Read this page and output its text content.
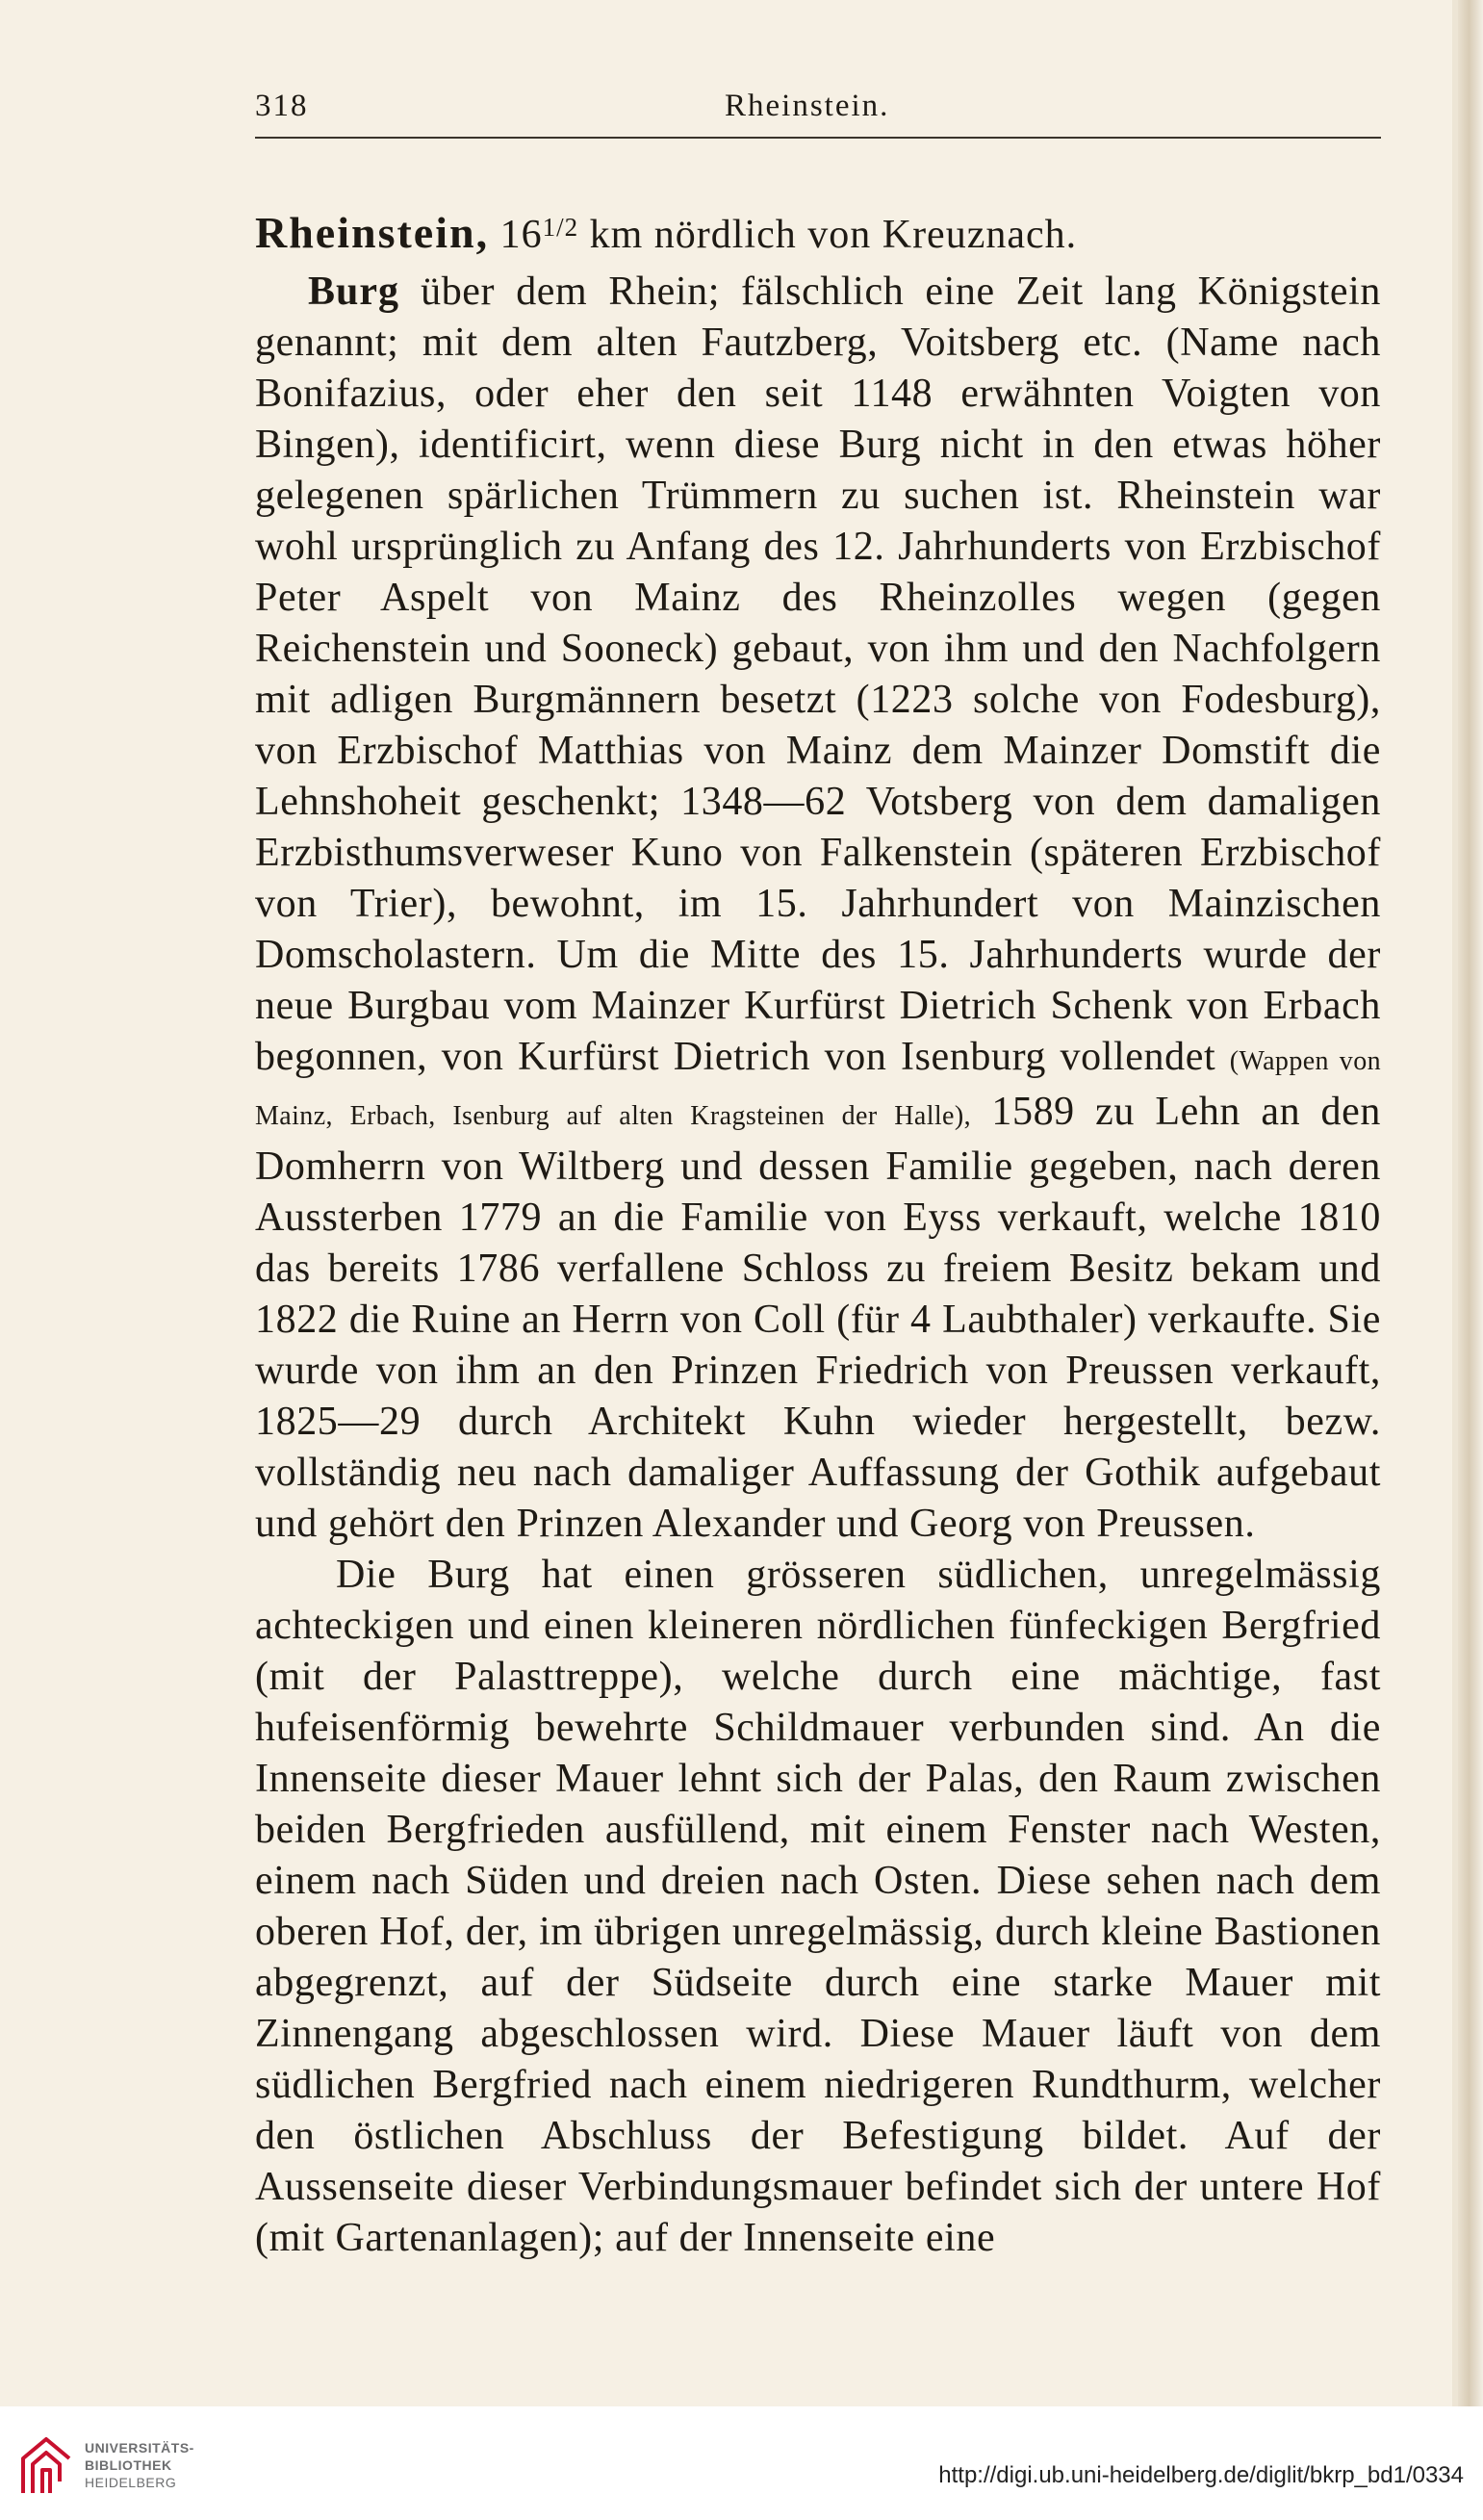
318	Rheinstein.
Rheinstein, $16^{1/2}$ km nördlich von Kreuznach.

Burg über dem Rhein; fälschlich eine Zeit lang Königstein genannt; mit dem alten Fautzberg, Voitsberg etc. (Name nach Bonifazius, oder eher den seit 1148 erwähnten Voigten von Bingen), identificirt, wenn diese Burg nicht in den etwas höher gelegenen spärlichen Trümmern zu suchen ist. Rheinstein war wohl ursprünglich zu Anfang des 12. Jahrhunderts von Erzbischof Peter Aspelt von Mainz des Rheinzolles wegen (gegen Reichenstein und Sooneck) gebaut, von ihm und den Nachfolgern mit adligen Burgmännern besetzt (1223 solche von Fodesburg), von Erzbischof Matthias von Mainz dem Mainzer Domstift die Lehnshoheit geschenkt; 1348—62 Votsberg von dem damaligen Erzbisthumsverweser Kuno von Falkenstein (späteren Erzbischof von Trier), bewohnt, im 15. Jahrhundert von Mainzischen Domscholastern. Um die Mitte des 15. Jahrhunderts wurde der neue Burgbau vom Mainzer Kurfürst Dietrich Schenk von Erbach begonnen, von Kurfürst Dietrich von Isenburg vollendet (Wappen von Mainz, Erbach, Isenburg auf alten Kragsteinen der Halle), 1589 zu Lehn an den Domherrn von Wiltberg und dessen Familie gegeben, nach deren Aussterben 1779 an die Familie von Eyss verkauft, welche 1810 das bereits 1786 verfallene Schloss zu freiem Besitz bekam und 1822 die Ruine an Herrn von Coll (für 4 Laubthaler) verkaufte. Sie wurde von ihm an den Prinzen Friedrich von Preussen verkauft, 1825—29 durch Architekt Kuhn wieder hergestellt, bezw. vollständig neu nach damaliger Auffassung der Gothik aufgebaut und gehört den Prinzen Alexander und Georg von Preussen.

Die Burg hat einen grösseren südlichen, unregelmässig achteckigen und einen kleineren nördlichen fünfeckigen Bergfried (mit der Palasttreppe), welche durch eine mächtige, fast hufeisenförmig bewehrte Schildmauer verbunden sind. An die Innenseite dieser Mauer lehnt sich der Palas, den Raum zwischen beiden Bergfrieden ausfüllend, mit einem Fenster nach Westen, einem nach Süden und dreien nach Osten. Diese sehen nach dem oberen Hof, der, im übrigen unregelmässig, durch kleine Bastionen abgegrenzt, auf der Südseite durch eine starke Mauer mit Zinnengang abgeschlossen wird. Diese Mauer läuft von dem südlichen Bergfried nach einem niedrigeren Rundthurm, welcher den östlichen Abschluss der Befestigung bildet. Auf der Aussenseite dieser Verbindungsmauer befindet sich der untere Hof (mit Gartenanlagen); auf der Innenseite eine

UNIVERSITÄTS-
BIBLIOTHEK
HEIDELBERG	http://digi.ub.uni-heidelberg.de/diglit/bkrp_bd1/0334
